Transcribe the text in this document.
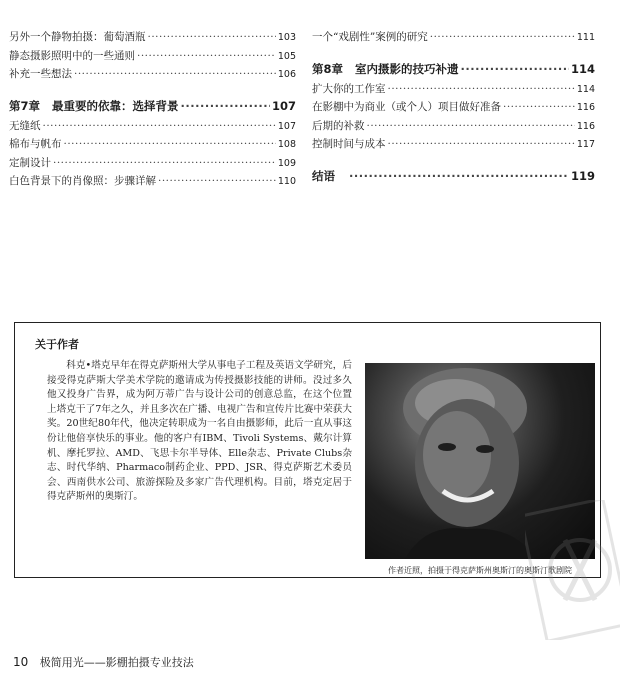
另外一个静物拍摄：葡萄酒瓶 ·····	103
静态摄影照明中的一些通则 ·····	105
补充一些想法 ·····	106
第7章 最重要的依靠：选择背景 ·····	107
无缝纸 ·····	107
棉布与帆布 ·····	108
定制设计 ·····	109
白色背景下的肖像照：步骤详解 ·····	110
一个“戏剧性”案例的研究 ·····	111
第8章 室内摄影的技巧补遗 ·····	114
扩大你的工作室 ·····	114
在影棚中为商业（或个人）项目做好准备 ·····	116
后期的补救 ·····	116
控制时间与成本 ·····	117
结语 ·····	119
关于作者
科克•塔克早年在得克萨斯州大学从事电子工程及英语文学研究，后接受得克萨斯大学美术学院的邀请成为传授摄影技能的讲师。没过多久他又投身广告界，成为阿万蒂广告与设计公司的创意总监，在这个位置上塔克干了7年之久，并且多次在广播、电视广告和宣传片比赛中荣获大奖。20世纪80年代，他决定转职成为一名自由摄影师，此后一直从事这份让他倍享快乐的事业。他的客户有IBM、Tivoli Systems、戴尔计算机、摩托罗拉、AMD、飞思卡尔半导体、Elle杂志、Private Clubs杂志、时代华纳、Pharmaco制药企业、PPD、JSR、得克萨斯艺术委员会、西南供水公司、旅游探险及多家广告代理机构。目前，塔克定居于得克萨斯州的奥斯汀。
作者近照，拍摄于得克萨斯州奥斯汀的奥斯汀歌剧院
10 极简用光——影棚拍摄专业技法
